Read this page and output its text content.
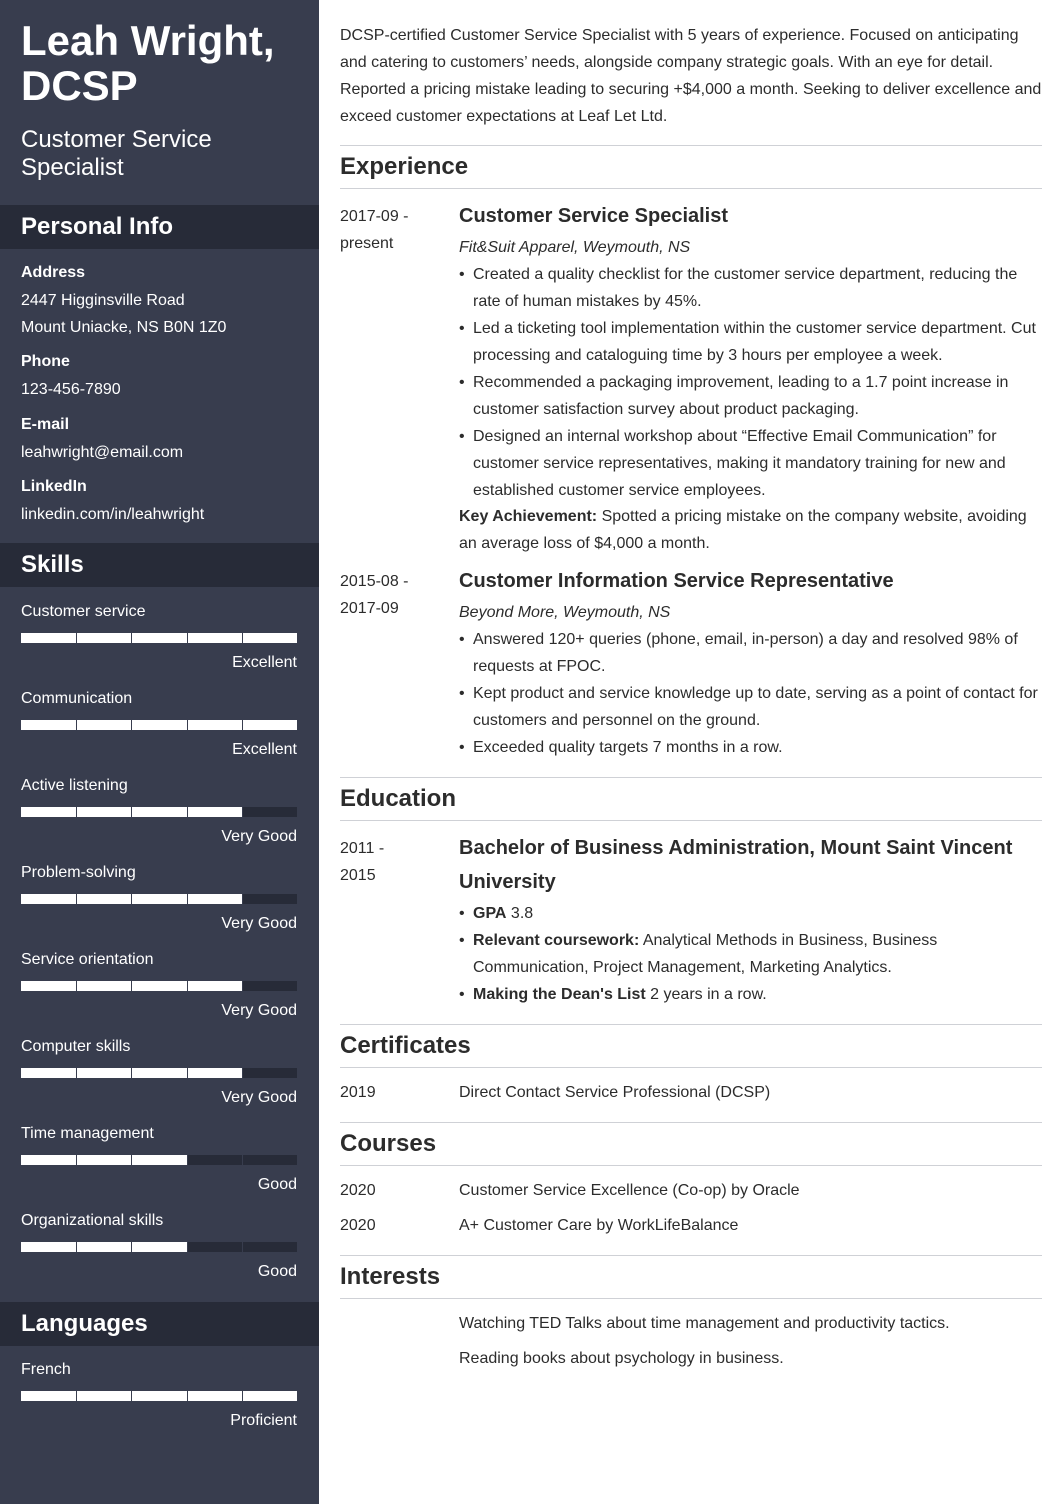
Leah Wright, DCSP
Customer Service Specialist
Personal Info
Address
2447 Higginsville Road
Mount Uniacke, NS B0N 1Z0
Phone
123-456-7890
E-mail
leahwright@email.com
LinkedIn
linkedin.com/in/leahwright
Skills
Customer service
Excellent
Communication
Excellent
Active listening
Very Good
Problem-solving
Very Good
Service orientation
Very Good
Computer skills
Very Good
Time management
Good
Organizational skills
Good
Languages
French
Proficient

DCSP-certified Customer Service Specialist with 5 years of experience. Focused on anticipating and catering to customers’ needs, alongside company strategic goals. With an eye for detail. Reported a pricing mistake leading to securing +$4,000 a month. Seeking to deliver excellence and exceed customer expectations at Leaf Let Ltd.

Experience
2017-09 -
present
Customer Service Specialist
Fit&Suit Apparel, Weymouth, NS
• Created a quality checklist for the customer service department, reducing the rate of human mistakes by 45%.
• Led a ticketing tool implementation within the customer service department. Cut processing and cataloguing time by 3 hours per employee a week.
• Recommended a packaging improvement, leading to a 1.7 point increase in customer satisfaction survey about product packaging.
• Designed an internal workshop about “Effective Email Communication” for customer service representatives, making it mandatory training for new and established customer service employees.
Key Achievement: Spotted a pricing mistake on the company website, avoiding an average loss of $4,000 a month.
2015-08 -
2017-09
Customer Information Service Representative
Beyond More, Weymouth, NS
• Answered 120+ queries (phone, email, in-person) a day and resolved 98% of requests at FPOC.
• Kept product and service knowledge up to date, serving as a point of contact for customers and personnel on the ground.
• Exceeded quality targets 7 months in a row.
Education
2011 -
2015
Bachelor of Business Administration, Mount Saint Vincent University
• GPA 3.8
• Relevant coursework: Analytical Methods in Business, Business Communication, Project Management, Marketing Analytics.
• Making the Dean's List 2 years in a row.
Certificates
2019	Direct Contact Service Professional (DCSP)
Courses
2020	Customer Service Excellence (Co-op) by Oracle
2020	A+ Customer Care by WorkLifeBalance
Interests
Watching TED Talks about time management and productivity tactics.
Reading books about psychology in business.
